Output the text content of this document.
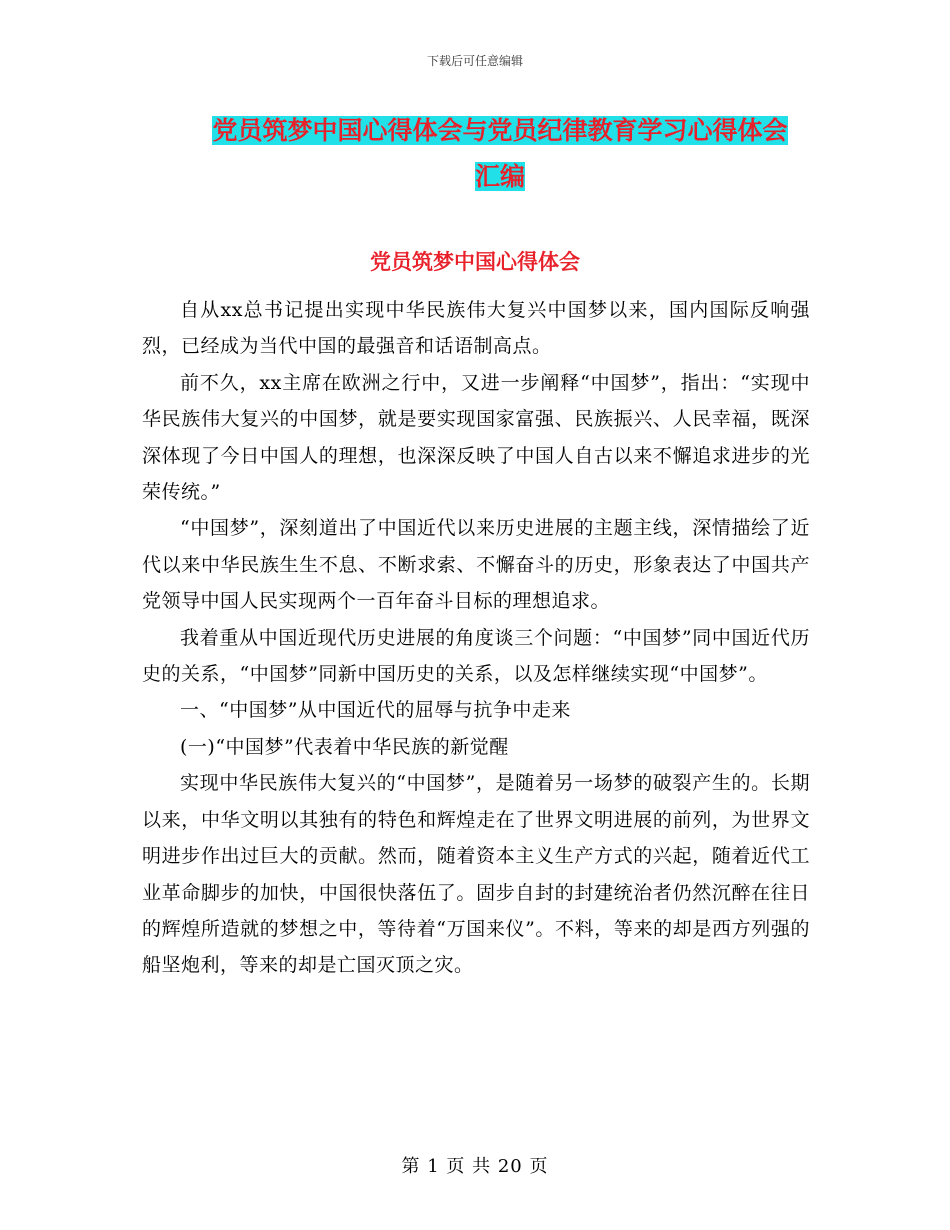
下载后可任意编辑
党员筑梦中国心得体会与党员纪律教育学习心得体会
汇编
党员筑梦中国心得体会

自从xx总书记提出实现中华民族伟大复兴中国梦以来，国内国际反响强烈，已经成为当代中国的最强音和话语制高点。

前不久，xx主席在欧洲之行中，又进一步阐释“中国梦”，指出：“实现中华民族伟大复兴的中国梦，就是要实现国家富强、民族振兴、人民幸福，既深深体现了今日中国人的理想，也深深反映了中国人自古以来不懈追求进步的光荣传统。”

“中国梦”，深刻道出了中国近代以来历史进展的主题主线，深情描绘了近代以来中华民族生生不息、不断求索、不懈奋斗的历史，形象表达了中国共产党领导中国人民实现两个一百年奋斗目标的理想追求。

我着重从中国近现代历史进展的角度谈三个问题：“中国梦”同中国近代历史的关系，“中国梦”同新中国历史的关系，以及怎样继续实现“中国梦”。

一、“中国梦”从中国近代的屈辱与抗争中走来

(一)“中国梦”代表着中华民族的新觉醒

实现中华民族伟大复兴的“中国梦”，是随着另一场梦的破裂产生的。长期以来，中华文明以其独有的特色和辉煌走在了世界文明进展的前列，为世界文明进步作出过巨大的贡献。然而，随着资本主义生产方式的兴起，随着近代工业革命脚步的加快，中国很快落伍了。固步自封的封建统治者仍然沉醉在往日的辉煌所造就的梦想之中，等待着“万国来仪”。不料，等来的却是西方列强的船坚炮利，等来的却是亡国灭顶之灾。

第 1 页 共 20 页
